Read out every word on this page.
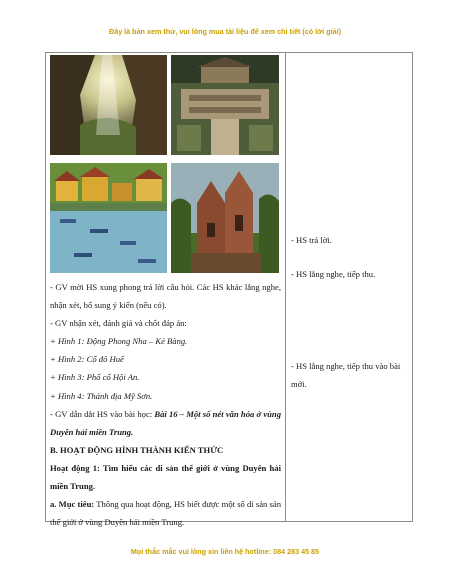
Đây là bản xem thử, vui lòng mua tài liệu để xem chi tiết (có lời giải)

- GV mời HS xung phong trả lời câu hỏi. Các HS khác lắng nghe, nhận xét, bổ sung ý kiến (nếu có).

- GV nhận xét, đánh giá và chốt đáp án:

+ Hình 1: Động Phong Nha – Kẻ Bàng.

+ Hình 2: Cố đô Huế

+ Hình 3: Phố cổ Hội An.

+ Hình 4: Thánh địa Mỹ Sơn.

- GV dẫn dắt HS vào bài học: Bài 16 – Một số nét văn hóa ở vùng Duyên hải miền Trung.

B. HOẠT ĐỘNG HÌNH THÀNH KIẾN THỨC

Hoạt động 1: Tìm hiểu các di sản thế giới ở vùng Duyên hải miền Trung.

a. Mục tiêu: Thông qua hoạt động, HS biết được một số di sản sản thế giới ở vùng Duyên hải miền Trung.

- HS trả lời.

- HS lắng nghe, tiếp thu.

- HS lắng nghe, tiếp thu vào bài mới.

Mọi thắc mắc vui lòng xin liên hệ hotline: 084 283 45 85
